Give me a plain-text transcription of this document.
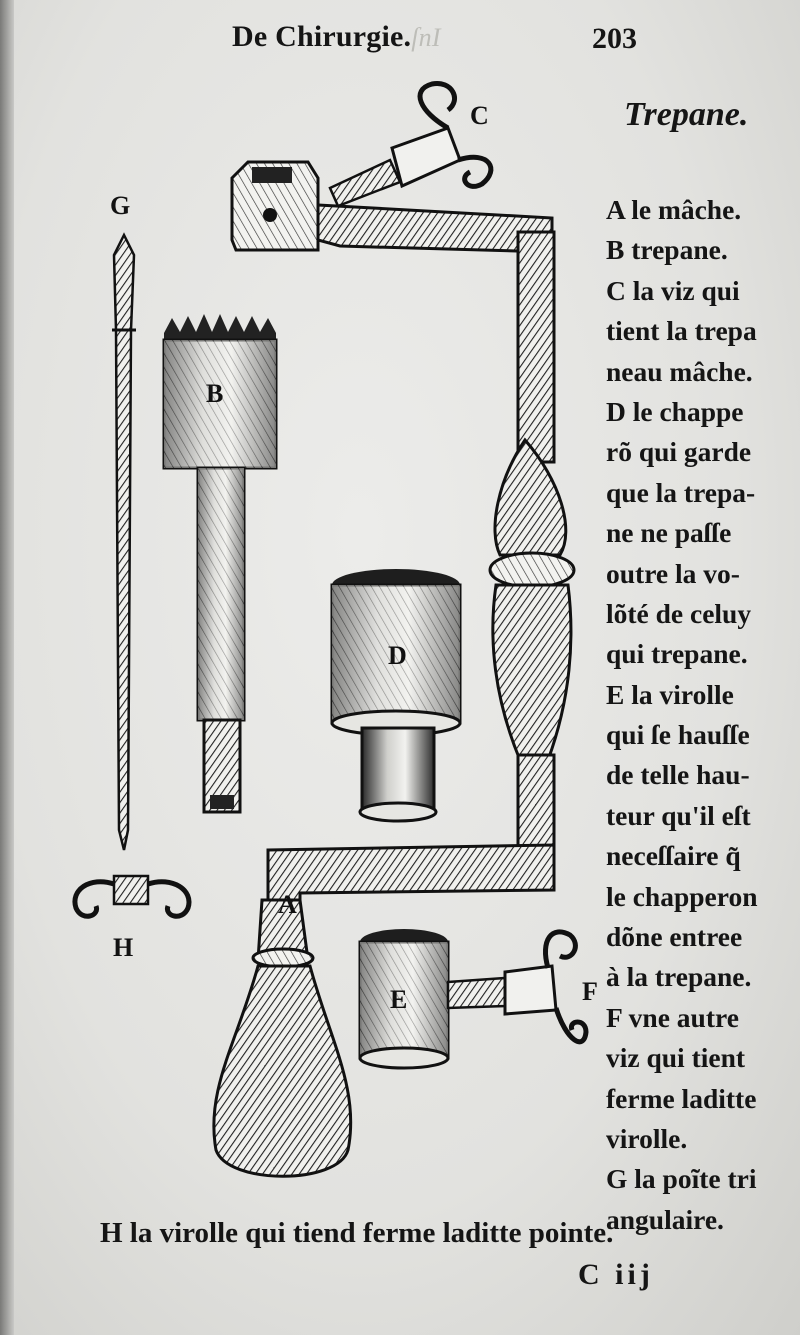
De Chirurgie.ſnI	203
Trepane.
A
C
B
D
E	F
G
H
A le mâche.
B trepane.
C la viz qui
tient la trepa
neau mâche.
D le chappe
rõ qui garde
que la trepa-
ne ne paſſe
outre la vo-
lõté de celuy
qui trepane.
E la virolle
qui ſe hauſſe
de telle hau-
teur qu'il eſt
neceſſaire q̃
le chapperon
dõne entree
à la trepane.
F vne autre
viz qui tient
ferme laditte
virolle.
G la poĩte tri
angulaire.
H la virolle qui tiend ferme laditte pointe.
C iij
